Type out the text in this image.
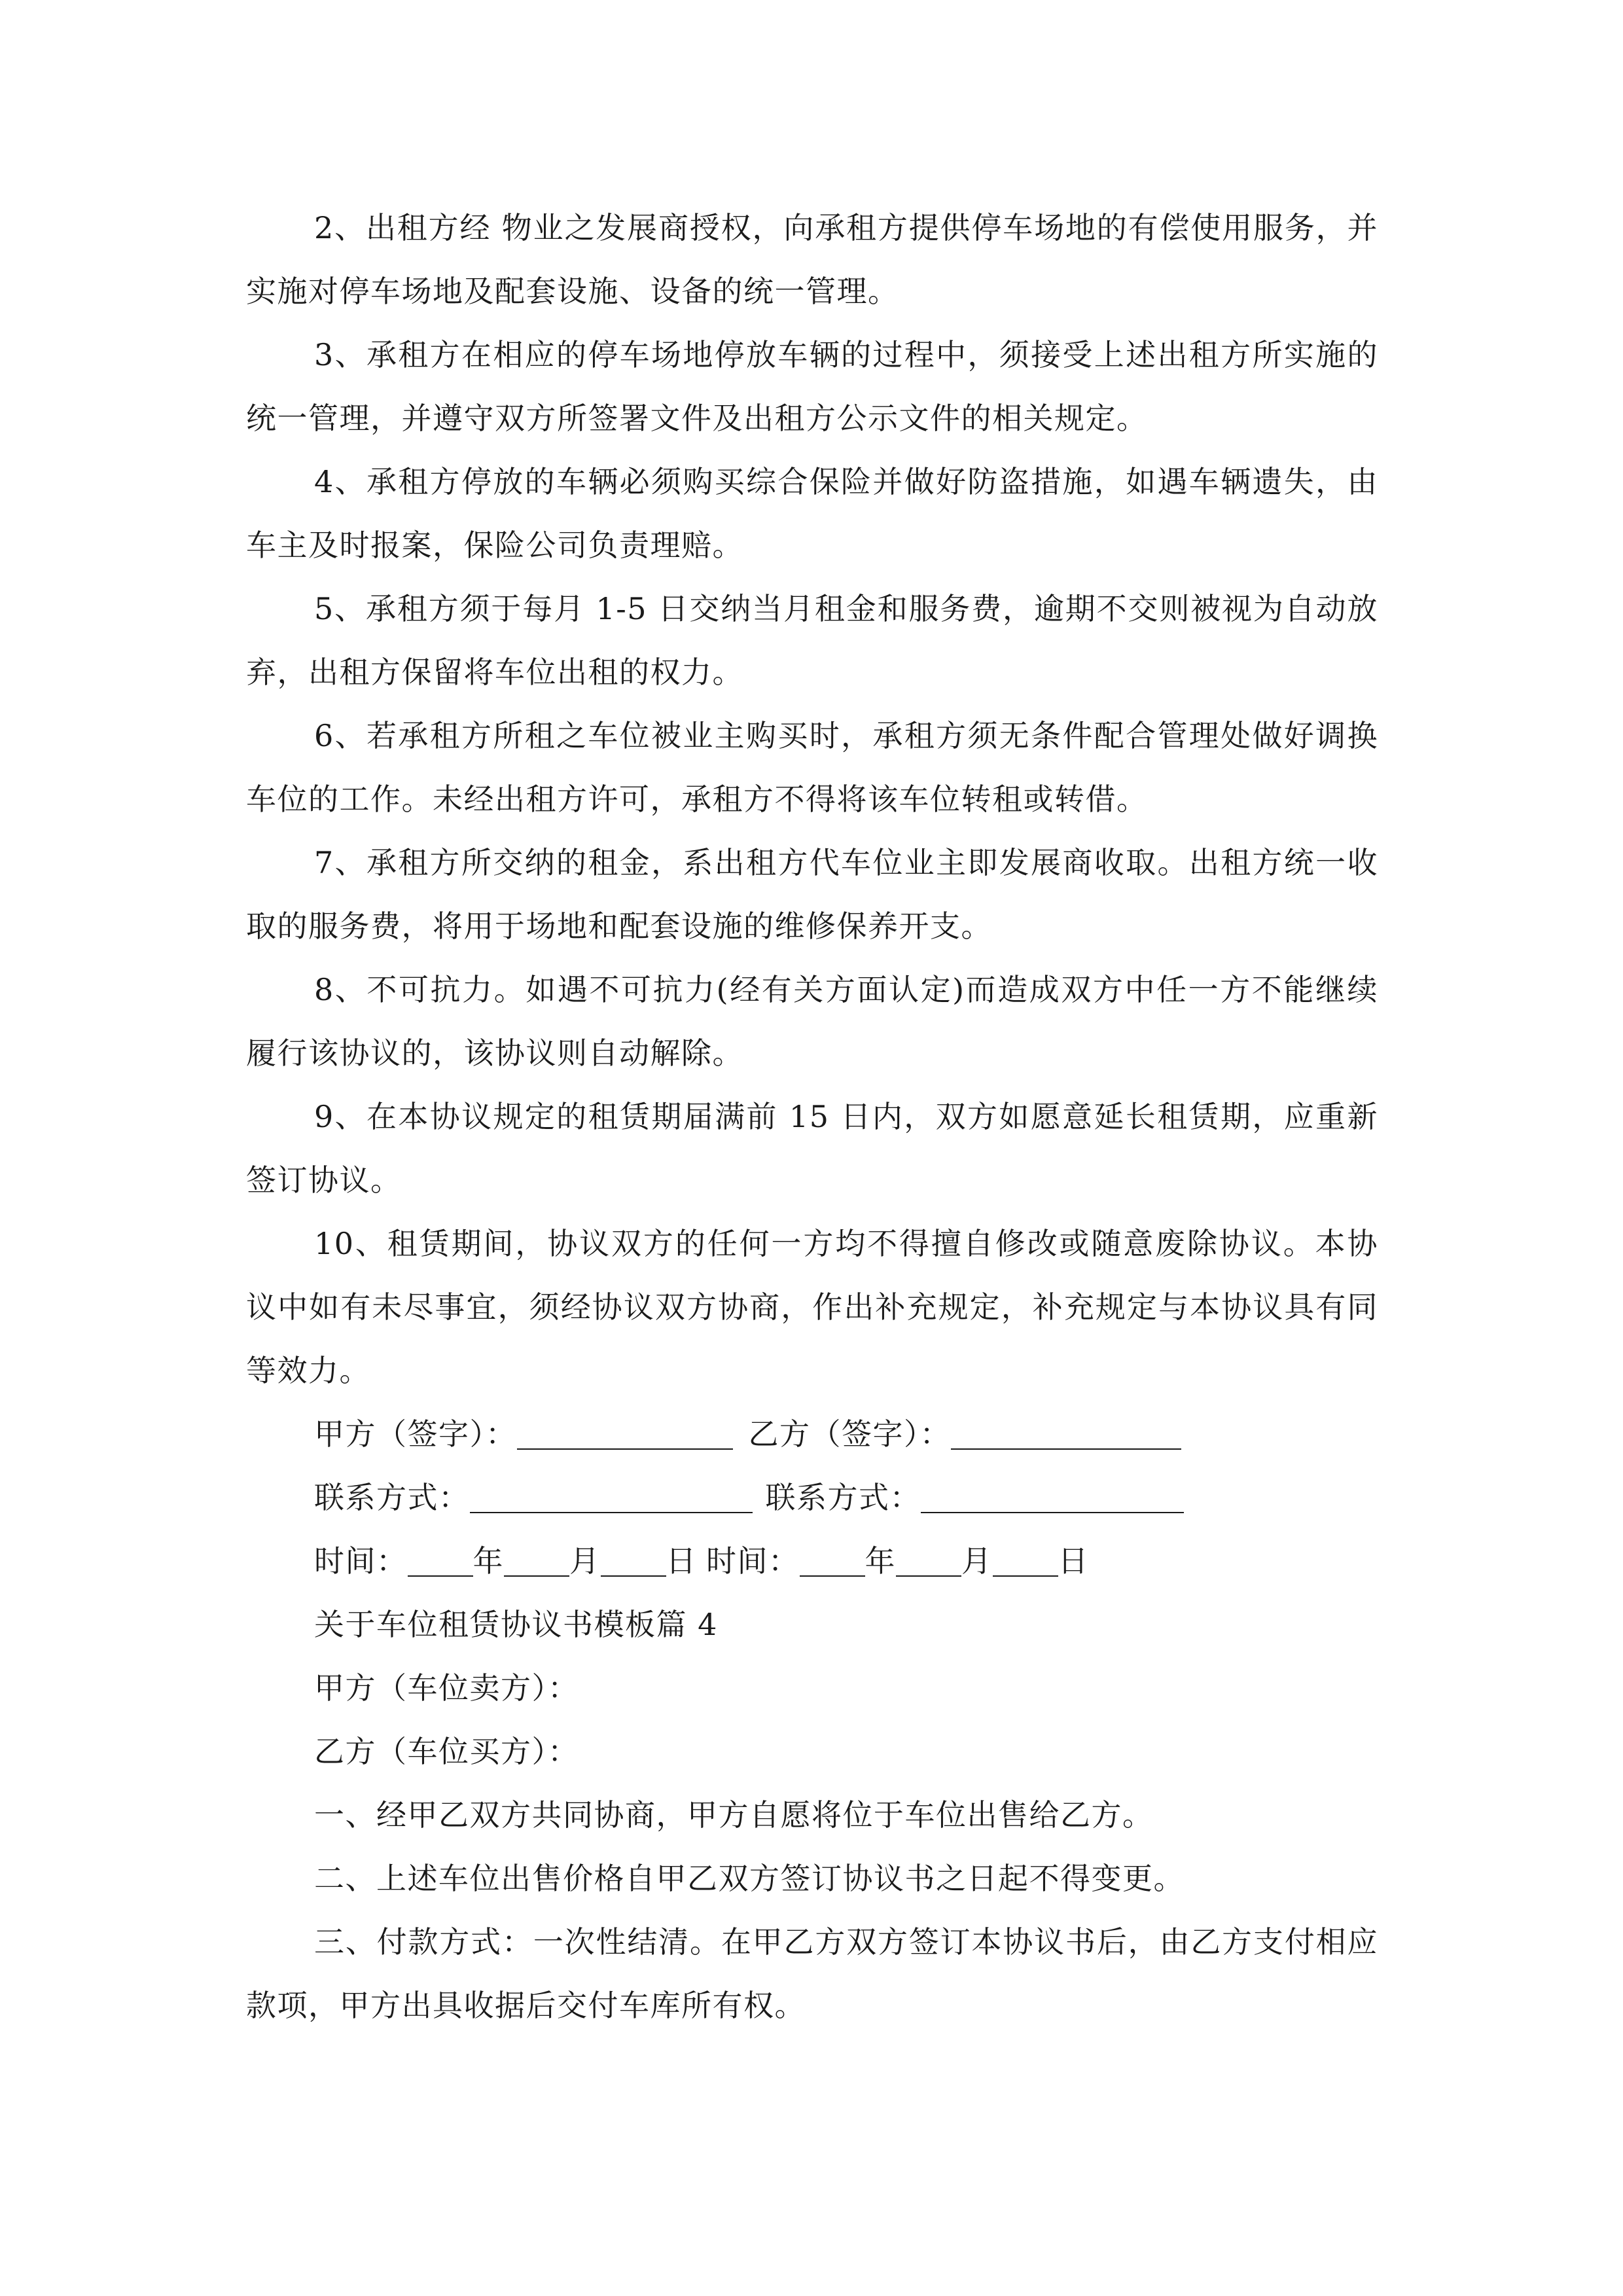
2、出租方经 物业之发展商授权，向承租方提供停车场地的有偿使用服务，并实施对停车场地及配套设施、设备的统一管理。

3、承租方在相应的停车场地停放车辆的过程中，须接受上述出租方所实施的统一管理，并遵守双方所签署文件及出租方公示文件的相关规定。

4、承租方停放的车辆必须购买综合保险并做好防盗措施，如遇车辆遗失，由车主及时报案，保险公司负责理赔。

5、承租方须于每月 1-5 日交纳当月租金和服务费，逾期不交则被视为自动放弃，出租方保留将车位出租的权力。

6、若承租方所租之车位被业主购买时，承租方须无条件配合管理处做好调换车位的工作。未经出租方许可，承租方不得将该车位转租或转借。

7、承租方所交纳的租金，系出租方代车位业主即发展商收取。出租方统一收取的服务费，将用于场地和配套设施的维修保养开支。

8、不可抗力。如遇不可抗力(经有关方面认定)而造成双方中任一方不能继续履行该协议的，该协议则自动解除。

9、在本协议规定的租赁期届满前 15 日内，双方如愿意延长租赁期，应重新签订协议。

10、租赁期间，协议双方的任何一方均不得擅自修改或随意废除协议。本协议中如有未尽事宜，须经协议双方协商，作出补充规定，补充规定与本协议具有同等效力。

甲方（签字）：	乙方（签字）：

联系方式：	联系方式：

时间： 年 月 日 时间： 年 月 日

关于车位租赁协议书模板篇 4

甲方（车位卖方）：

乙方（车位买方）：

一、经甲乙双方共同协商，甲方自愿将位于车位出售给乙方。

二、上述车位出售价格自甲乙双方签订协议书之日起不得变更。

三、付款方式：一次性结清。在甲乙方双方签订本协议书后，由乙方支付相应款项，甲方出具收据后交付车库所有权。
